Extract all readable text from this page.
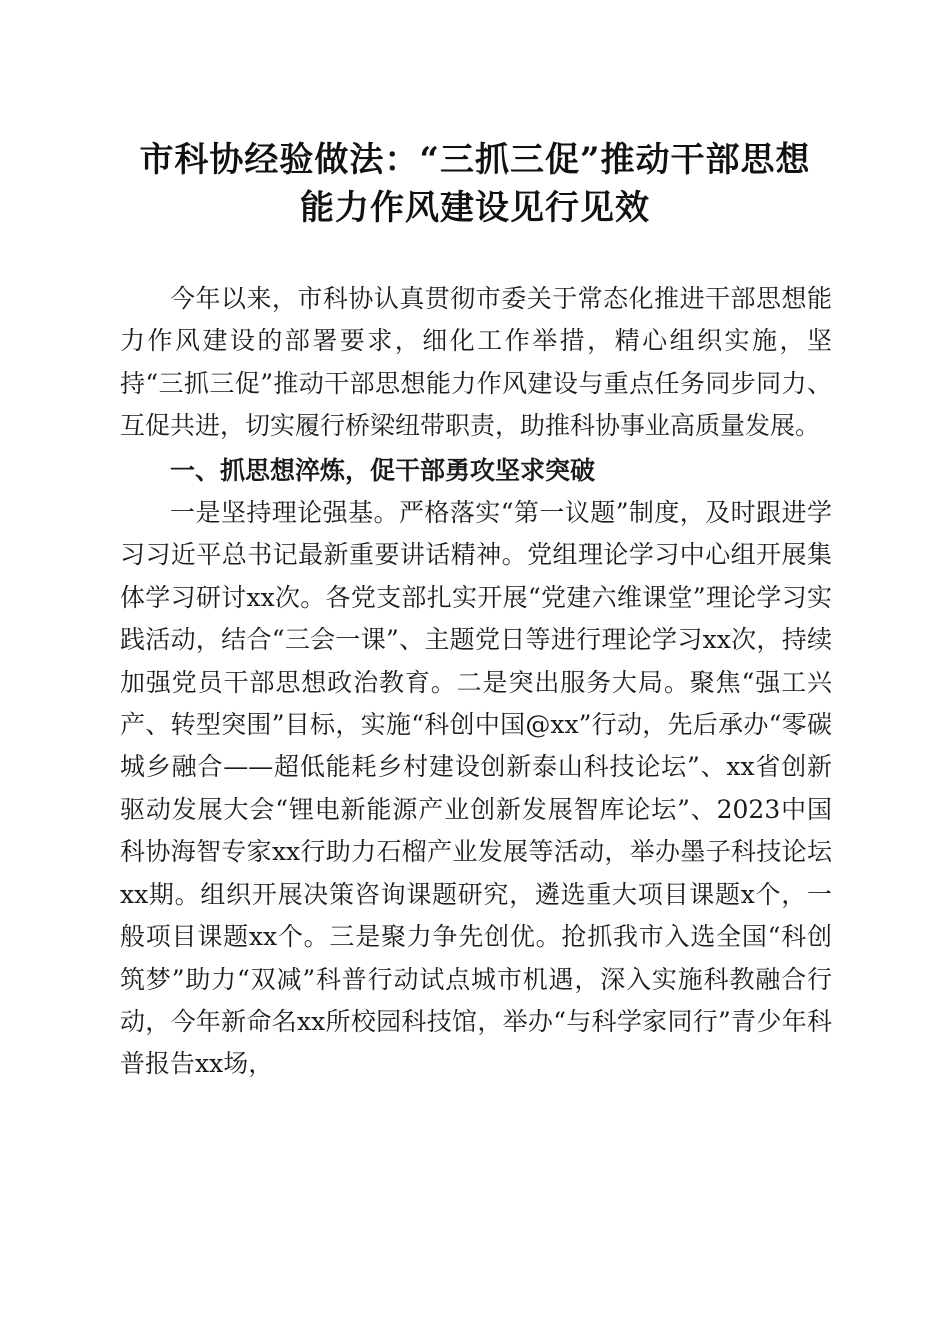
市科协经验做法：“三抓三促”推动干部思想
能力作风建设见行见效

今年以来，市科协认真贯彻市委关于常态化推进干部思想能力作风建设的部署要求，细化工作举措，精心组织实施，坚持“三抓三促”推动干部思想能力作风建设与重点任务同步同力、互促共进，切实履行桥梁纽带职责，助推科协事业高质量发展。

一、抓思想淬炼，促干部勇攻坚求突破

一是坚持理论强基。严格落实“第一议题”制度，及时跟进学习习近平总书记最新重要讲话精神。党组理论学习中心组开展集体学习研讨xx次。各党支部扎实开展“党建六维课堂”理论学习实践活动，结合“三会一课”、主题党日等进行理论学习xx次，持续加强党员干部思想政治教育。二是突出服务大局。聚焦“强工兴产、转型突围”目标，实施“科创中国@xx”行动，先后承办“零碳城乡融合——超低能耗乡村建设创新泰山科技论坛”、xx省创新驱动发展大会“锂电新能源产业创新发展智库论坛”、2023中国科协海智专家xx行助力石榴产业发展等活动，举办墨子科技论坛xx期。组织开展决策咨询课题研究，遴选重大项目课题x个，一般项目课题xx个。三是聚力争先创优。抢抓我市入选全国“科创筑梦”助力“双减”科普行动试点城市机遇，深入实施科教融合行动，今年新命名xx所校园科技馆，举办“与科学家同行”青少年科普报告xx场，
